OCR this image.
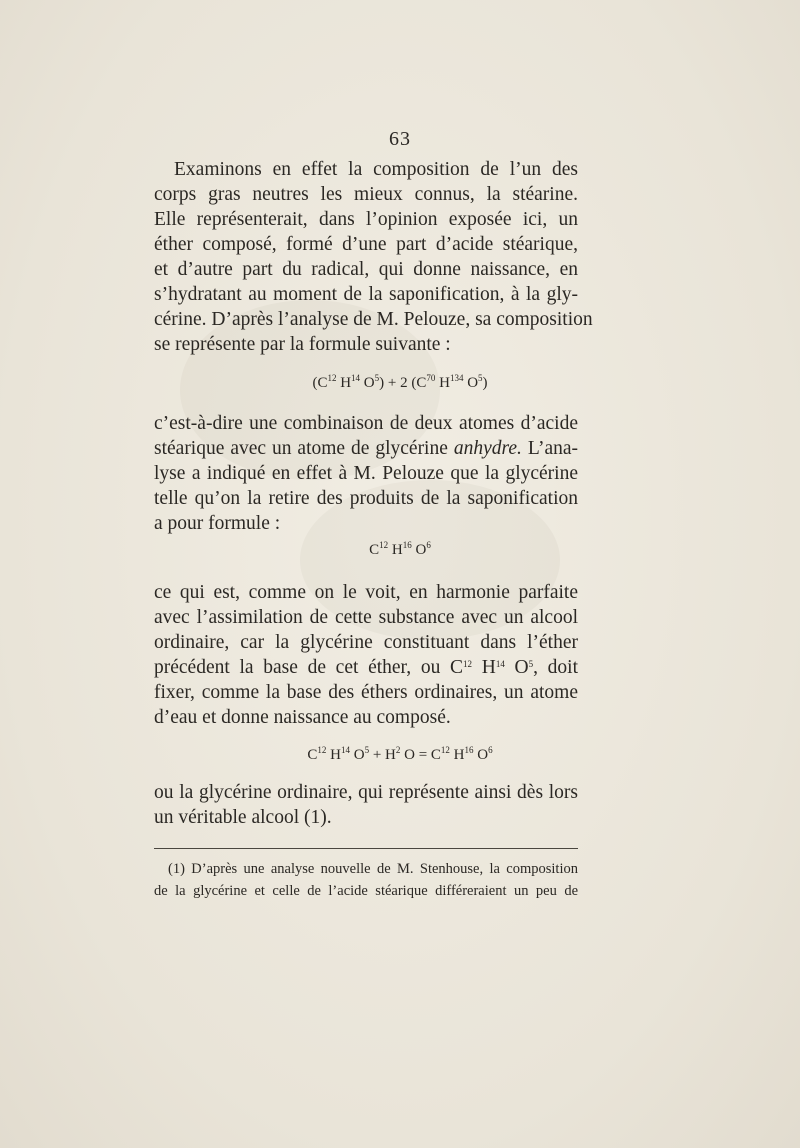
63
Examinons en effet la composition de l’un des
corps gras neutres les mieux connus, la stéarine.
Elle représenterait, dans l’opinion exposée ici, un
éther composé, formé d’une part d’acide stéarique,
et d’autre part du radical, qui donne naissance, en
s’hydratant au moment de la saponification, à la gly-
cérine. D’après l’analyse de M. Pelouze, sa composition
se représente par la formule suivante :
($C^{12}$ $H^{14}$ $O^5) + 2$ ($C^{70}$ $H^{134}$ $O^5$)
c’est-à-dire une combinaison de deux atomes d’acide
stéarique avec un atome de glycérine anhydre. L’ana-
lyse a indiqué en effet à M. Pelouze que la glycérine
telle qu’on la retire des produits de la saponification
a pour formule :
$C^{12}$ $H^{16}$ $O^6$
ce qui est, comme on le voit, en harmonie parfaite
avec l’assimilation de cette substance avec un alcool
ordinaire, car la glycérine constituant dans l’éther
précédent la base de cet éther, ou $C^{12}$ $H^{14}$ $O^5$, doit
fixer, comme la base des éthers ordinaires, un atome
d’eau et donne naissance au composé.
$C^{12}$ $H^{14}$ $O^5 + H^2$ $O = C^{12}$ $H^{16}$ $O^6$
ou la glycérine ordinaire, qui représente ainsi dès lors
un véritable alcool (1).
(1) D’après une analyse nouvelle de M. Stenhouse, la composition
de la glycérine et celle de l’acide stéarique différeraient un peu de
